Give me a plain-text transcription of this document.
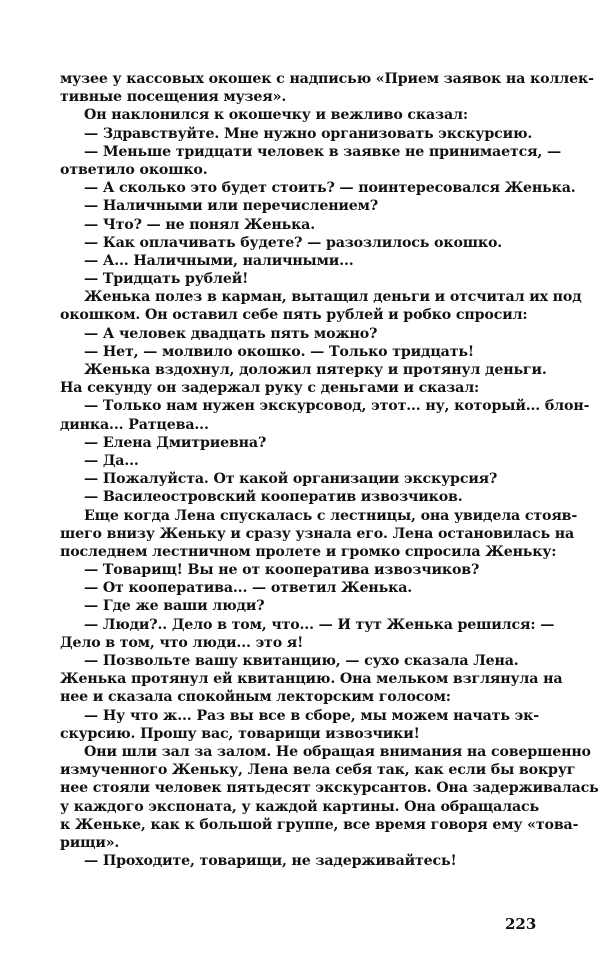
музее у кассовых окошек с надписью «Прием заявок на коллек-
тивные посещения музея».
Он наклонился к окошечку и вежливо сказал:
— Здравствуйте. Мне нужно организовать экскурсию.
— Меньше тридцати человек в заявке не принимается, —
ответило окошко.
— А сколько это будет стоить? — поинтересовался Женька.
— Наличными или перечислением?
— Что? — не понял Женька.
— Как оплачивать будете? — разозлилось окошко.
— А... Наличными, наличными...
— Тридцать рублей!
Женька полез в карман, вытащил деньги и отсчитал их под
окошком. Он оставил себе пять рублей и робко спросил:
— А человек двадцать пять можно?
— Нет, — молвило окошко. — Только тридцать!
Женька вздохнул, доложил пятерку и протянул деньги.
На секунду он задержал руку с деньгами и сказал:
— Только нам нужен экскурсовод, этот... ну, который... блон-
динка... Ратцева...
— Елена Дмитриевна?
— Да...
— Пожалуйста. От какой организации экскурсия?
— Василеостровский кооператив извозчиков.
Еще когда Лена спускалась с лестницы, она увидела стояв-
шего внизу Женьку и сразу узнала его. Лена остановилась на
последнем лестничном пролете и громко спросила Женьку:
— Товарищ! Вы не от кооператива извозчиков?
— От кооператива... — ответил Женька.
— Где же ваши люди?
— Люди?.. Дело в том, что... — И тут Женька решился: —
Дело в том, что люди... это я!
— Позвольте вашу квитанцию, — сухо сказала Лена.
Женька протянул ей квитанцию. Она мельком взглянула на
нее и сказала спокойным лекторским голосом:
— Ну что ж... Раз вы все в сборе, мы можем начать эк-
скурсию. Прошу вас, товарищи извозчики!
Они шли зал за залом. Не обращая внимания на совершенно
измученного Женьку, Лена вела себя так, как если бы вокруг
нее стояли человек пятьдесят экскурсантов. Она задерживалась
у каждого экспоната, у каждой картины. Она обращалась
к Женьке, как к большой группе, все время говоря ему «това-
рищи».
— Проходите, товарищи, не задерживайтесь!
223
